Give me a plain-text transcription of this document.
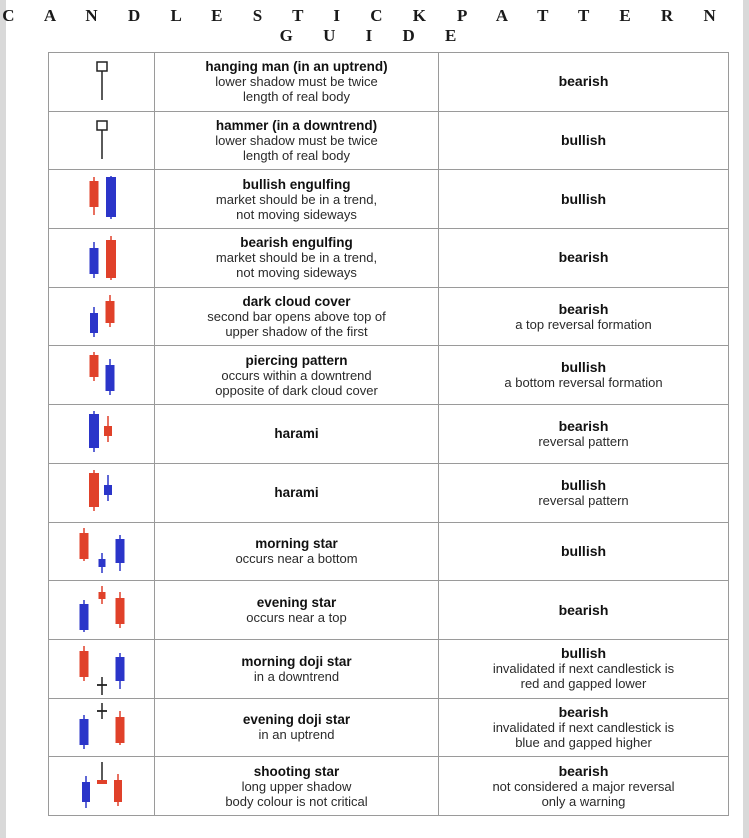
C A N D L E S T I C K P A T T E R NG U I D E

hanging man (in an uptrend)
lower shadow must be twice
length of real body	bearish

hammer (in a downtrend)
lower shadow must be twice
length of real body	bullish

bullish engulfing
market should be in a trend,
not moving sideways	bullish

bearish engulfing
market should be in a trend,
not moving sideways	bearish

dark cloud cover
second bar opens above top of
upper shadow of the first	bearish
a top reversal formation

piercing pattern
occurs within a downtrend
opposite of dark cloud cover	bullish
a bottom reversal formation

harami	bearish
reversal pattern

harami	bullish
reversal pattern

morning star
occurs near a bottom	bullish

evening star
occurs near a top	bearish

morning doji star
in a downtrend	bullish
invalidated if next candlestick is
red and gapped lower

evening doji star
in an uptrend	bearish
invalidated if next candlestick is
blue and gapped higher

shooting star
long upper shadow
body colour is not critical	bearish
not considered a major reversal
only a warning
